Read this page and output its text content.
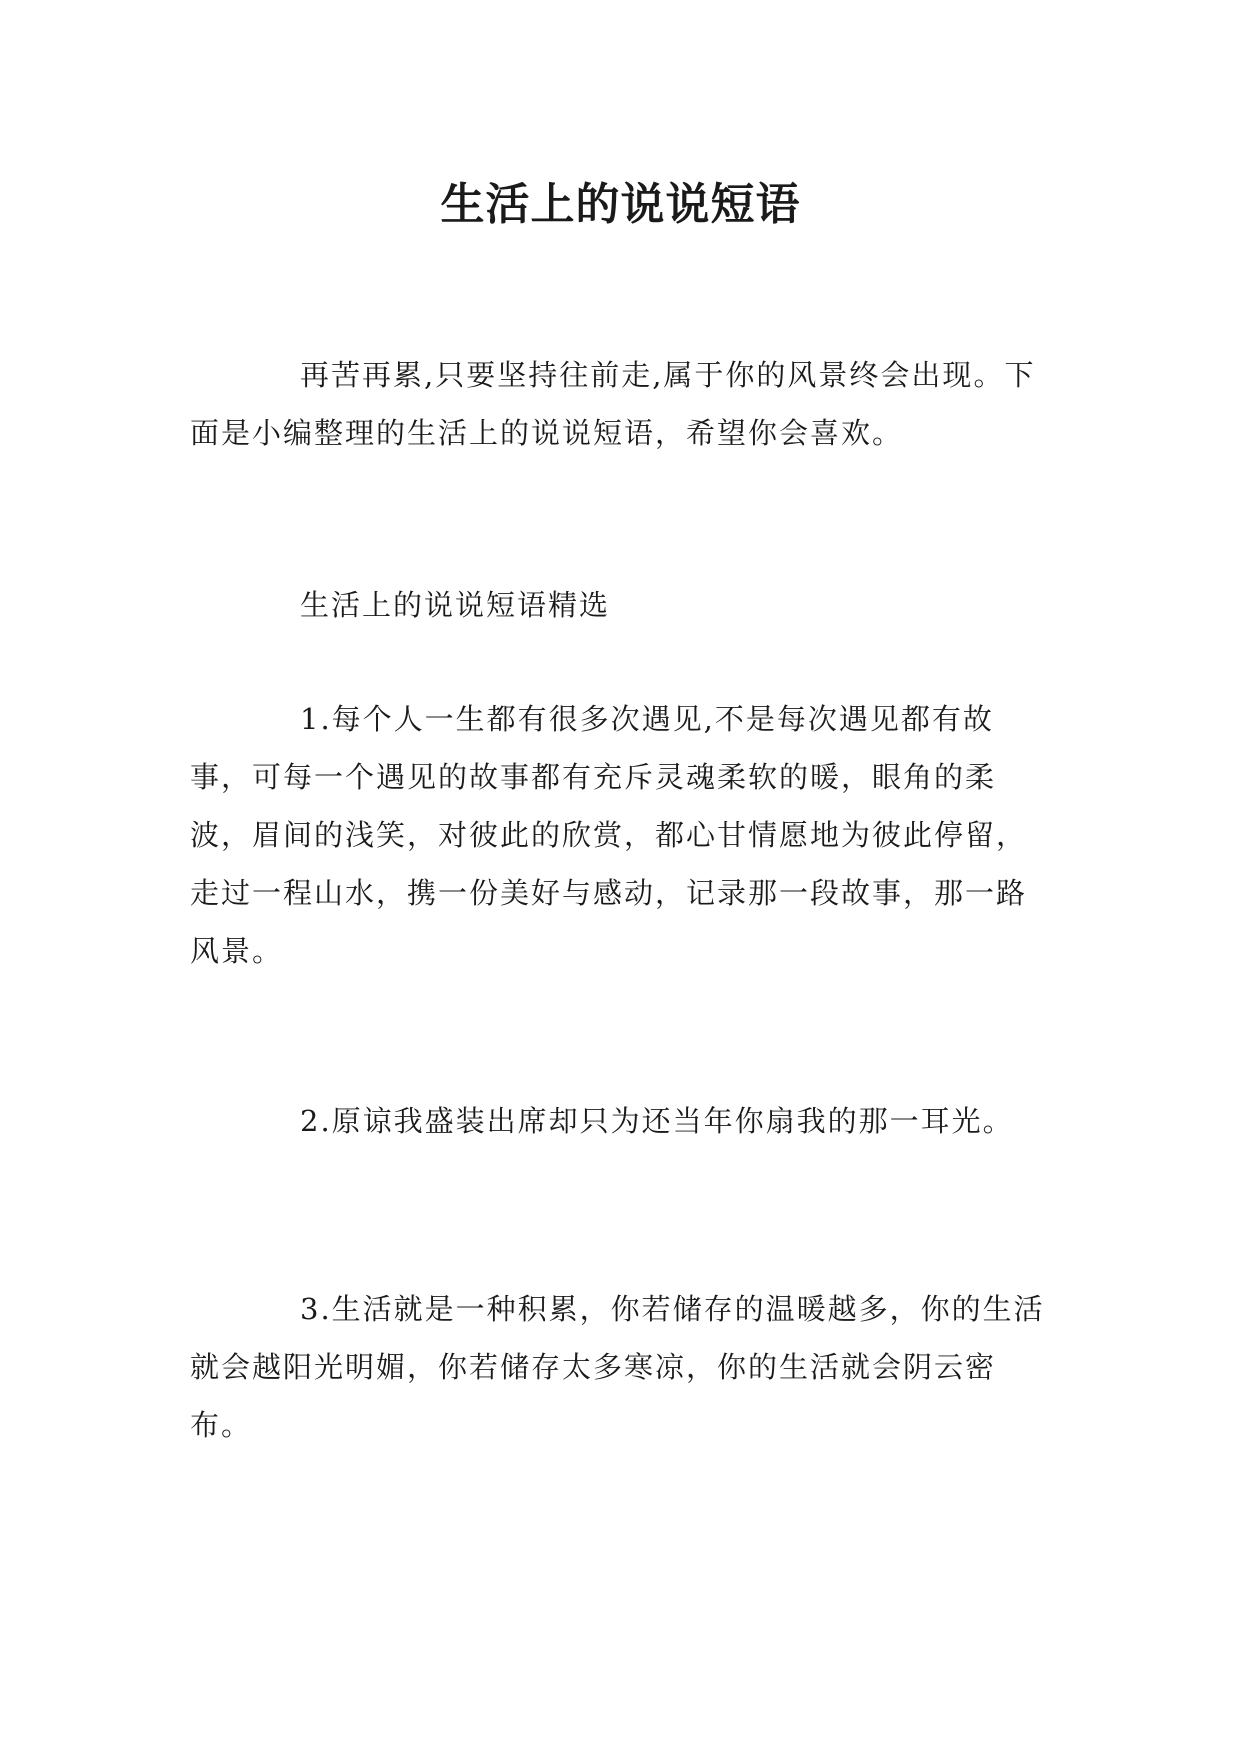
生活上的说说短语

再苦再累,只要坚持往前走,属于你的风景终会出现。下面是小编整理的生活上的说说短语，希望你会喜欢。

生活上的说说短语精选

1.每个人一生都有很多次遇见,不是每次遇见都有故事，可每一个遇见的故事都有充斥灵魂柔软的暖，眼角的柔波，眉间的浅笑，对彼此的欣赏，都心甘情愿地为彼此停留，走过一程山水，携一份美好与感动，记录那一段故事，那一路风景。

2.原谅我盛装出席却只为还当年你扇我的那一耳光。

3.生活就是一种积累，你若储存的温暖越多，你的生活就会越阳光明媚，你若储存太多寒凉，你的生活就会阴云密布。
